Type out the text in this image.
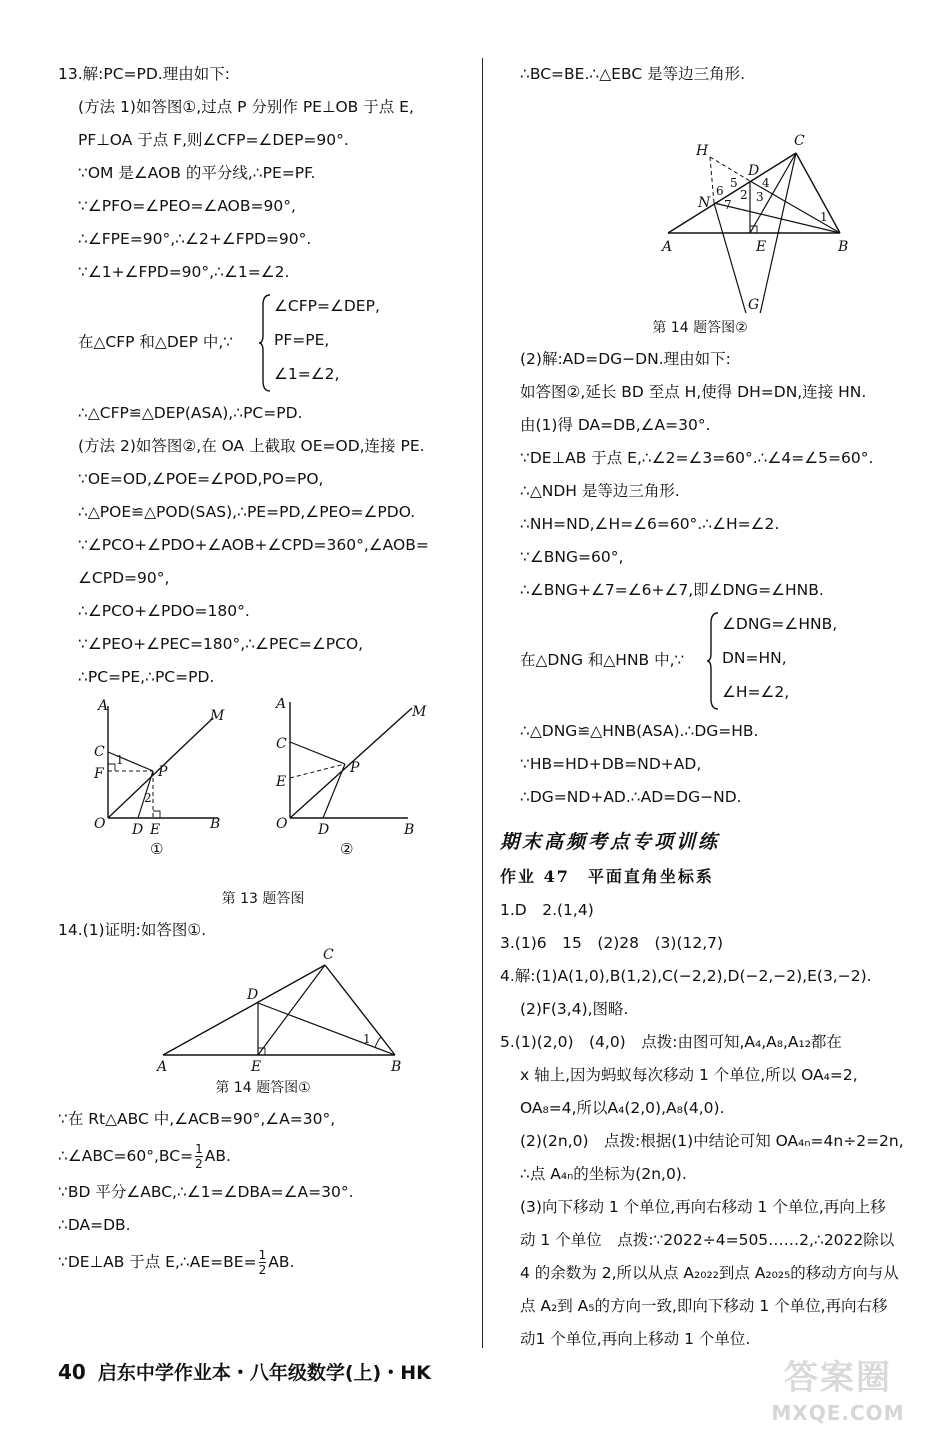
13.解:PC=PD.理由如下:
(方法 1)如答图①,过点 P 分别作 PE⊥OB 于点 E,
PF⊥OA 于点 F,则∠CFP=∠DEP=90°.
∵OM 是∠AOB 的平分线,∴PE=PF.
∵∠PFO=∠PEO=∠AOB=90°,
∴∠FPE=90°,∴∠2+∠FPD=90°.
∵∠1+∠FPD=90°,∴∠1=∠2.
在△CFP 和△DEP 中,∵
∠CFP=∠DEP,
PF=PE,
∠1=∠2,
∴△CFP≌△DEP(ASA),∴PC=PD.
(方法 2)如答图②,在 OA 上截取 OE=OD,连接 PE.
∵OE=OD,∠POE=∠POD,PO=PO,
∴△POE≌△POD(SAS),∴PE=PD,∠PEO=∠PDO.
∵∠PCO+∠PDO+∠AOB+∠CPD=360°,∠AOB=
∠CPD=90°,
∴∠PCO+∠PDO=180°.
∵∠PEO+∠PEC=180°,∴∠PEC=∠PCO,
∴PC=PE,∴PC=PD.
A
M
C
F
1
P
2
O D E	B
A	M
C
P
E
O D	B
①	②
第 13 题答图
14.(1)证明:如答图①.
C
D
1
A	E	B
第 14 题答图①
∵在 Rt△ABC 中,∠ACB=90°,∠A=30°,
∴∠ABC=60°,BC= $\frac{1}{2}$ AB.
∵BD 平分∠ABC,∴∠1=∠DBA=∠A=30°.
∴DA=DB.
∵DE⊥AB 于点 E,∴AE=BE= $\frac{1}{2}$ AB.
∴BC=BE.∴△EBC 是等边三角形.
H
C
D
5 4
6
N 2 3
7
1
A	E	B
G
第 14 题答图②
(2)解:AD=DG−DN.理由如下:
如答图②,延长 BD 至点 H,使得 DH=DN,连接 HN.
由(1)得 DA=DB,∠A=30°.
∵DE⊥AB 于点 E,∴∠2=∠3=60°.∴∠4=∠5=60°.
∴△NDH 是等边三角形.
∴NH=ND,∠H=∠6=60°.∴∠H=∠2.
∵∠BNG=60°,
∴∠BNG+∠7=∠6+∠7,即∠DNG=∠HNB.
在△DNG 和△HNB 中,∵
∠DNG=∠HNB,
DN=HN,
∠H=∠2,
∴△DNG≌△HNB(ASA).∴DG=HB.
∵HB=HD+DB=ND+AD,
∴DG=ND+AD.∴AD=DG−ND.
期末高频考点专项训练
作业 47　平面直角坐标系
1.D　2.(1,4)
3.(1)6　15　(2)28　(3)(12,7)
4.解:(1)A(1,0),B(1,2),C(−2,2),D(−2,−2),E(3,−2).
(2)F(3,4),图略.
5.(1)(2,0)　(4,0)　点拨:由图可知,A₄,A₈,A₁₂都在
x 轴上,因为蚂蚁每次移动 1 个单位,所以 OA₄=2,
OA₈=4,所以A₄(2,0),A₈(4,0).
(2)(2n,0)　点拨:根据(1)中结论可知 OA₄ₙ=4n÷2=2n,
∴点 A₄ₙ的坐标为(2n,0).
(3)向下移动 1 个单位,再向右移动 1 个单位,再向上移
动 1 个单位　点拨:∵2022÷4=505……2,∴2022除以
4 的余数为 2,所以从点 A₂₀₂₂到点 A₂₀₂₅的移动方向与从
点 A₂到 A₅的方向一致,即向下移动 1 个单位,再向右移
动1 个单位,再向上移动 1 个单位.
40 启东中学作业本・八年级数学(上)・HK	答案圈
MXQE.COM
